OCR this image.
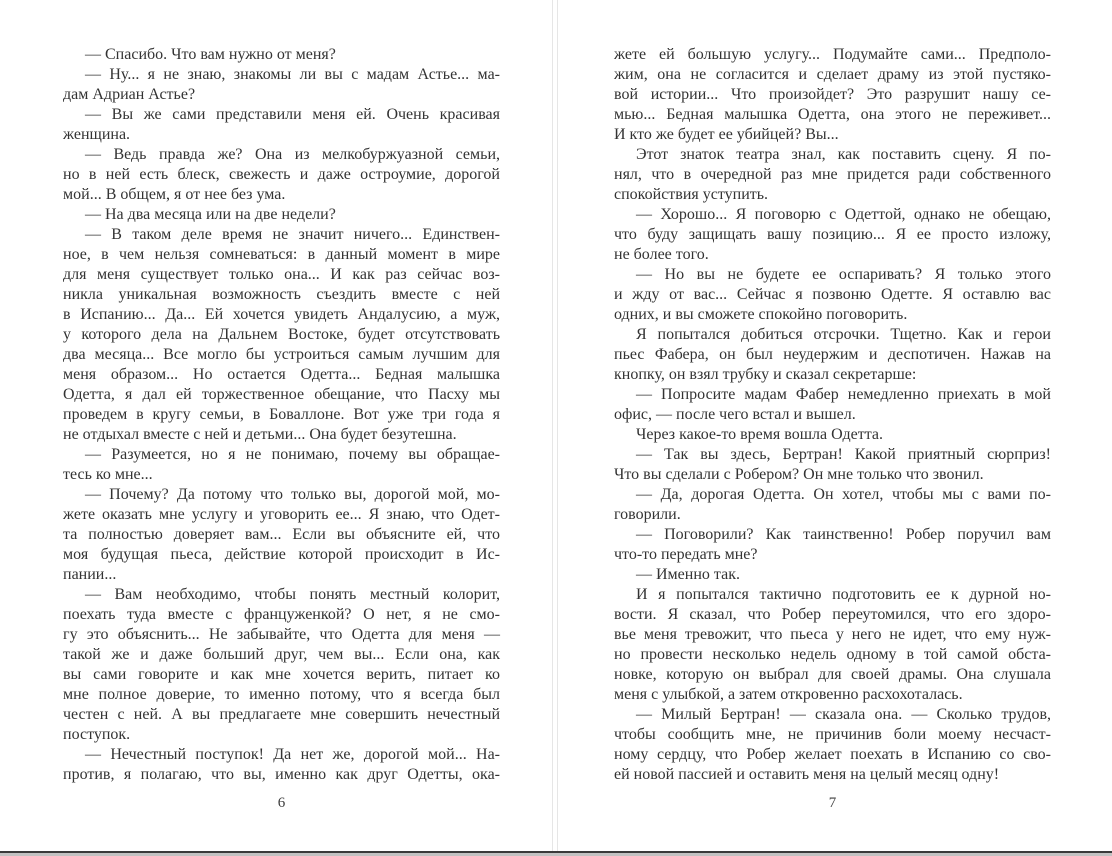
— Спасибо. Что вам нужно от меня?
— Ну... я не знаю, знакомы ли вы с мадам Астье... ма-
дам Адриан Астье?
— Вы же сами представили меня ей. Очень красивая
женщина.
— Ведь правда же? Она из мелкобуржуазной семьи,
но в ней есть блеск, свежесть и даже остроумие, дорогой
мой... В общем, я от нее без ума.
— На два месяца или на две недели?
— В таком деле время не значит ничего... Единствен-
ное, в чем нельзя сомневаться: в данный момент в мире
для меня существует только она... И как раз сейчас воз-
никла уникальная возможность съездить вместе с ней
в Испанию... Да... Ей хочется увидеть Андалусию, а муж,
у которого дела на Дальнем Востоке, будет отсутствовать
два месяца... Все могло бы устроиться самым лучшим для
меня образом... Но остается Одетта... Бедная малышка
Одетта, я дал ей торжественное обещание, что Пасху мы
проведем в кругу семьи, в Боваллоне. Вот уже три года я
не отдыхал вместе с ней и детьми... Она будет безутешна.
— Разумеется, но я не понимаю, почему вы обращае-
тесь ко мне...
— Почему? Да потому что только вы, дорогой мой, мо-
жете оказать мне услугу и уговорить ее... Я знаю, что Одет-
та полностью доверяет вам... Если вы объясните ей, что
моя будущая пьеса, действие которой происходит в Ис-
пании...
— Вам необходимо, чтобы понять местный колорит,
поехать туда вместе с француженкой? О нет, я не смо-
гу это объяснить... Не забывайте, что Одетта для меня —
такой же и даже больший друг, чем вы... Если она, как
вы сами говорите и как мне хочется верить, питает ко
мне полное доверие, то именно потому, что я всегда был
честен с ней. А вы предлагаете мне совершить нечестный
поступок.
— Нечестный поступок! Да нет же, дорогой мой... На-
против, я полагаю, что вы, именно как друг Одетты, ока-
6
жете ей большую услугу... Подумайте сами... Предполо-
жим, она не согласится и сделает драму из этой пустяко-
вой истории... Что произойдет? Это разрушит нашу се-
мью... Бедная малышка Одетта, она этого не переживет...
И кто же будет ее убийцей? Вы...
Этот знаток театра знал, как поставить сцену. Я по-
нял, что в очередной раз мне придется ради собственного
спокойствия уступить.
— Хорошо... Я поговорю с Одеттой, однако не обещаю,
что буду защищать вашу позицию... Я ее просто изложу,
не более того.
— Но вы не будете ее оспаривать? Я только этого
и жду от вас... Сейчас я позвоню Одетте. Я оставлю вас
одних, и вы сможете спокойно поговорить.
Я попытался добиться отсрочки. Тщетно. Как и герои
пьес Фабера, он был неудержим и деспотичен. Нажав на
кнопку, он взял трубку и сказал секретарше:
— Попросите мадам Фабер немедленно приехать в мой
офис, — после чего встал и вышел.
Через какое-то время вошла Одетта.
— Так вы здесь, Бертран! Какой приятный сюрприз!
Что вы сделали с Робером? Он мне только что звонил.
— Да, дорогая Одетта. Он хотел, чтобы мы с вами по-
говорили.
— Поговорили? Как таинственно! Робер поручил вам
что-то передать мне?
— Именно так.
И я попытался тактично подготовить ее к дурной но-
вости. Я сказал, что Робер переутомился, что его здоро-
вье меня тревожит, что пьеса у него не идет, что ему нуж-
но провести несколько недель одному в той самой обста-
новке, которую он выбрал для своей драмы. Она слушала
меня с улыбкой, а затем откровенно расхохоталась.
— Милый Бертран! — сказала она. — Сколько трудов,
чтобы сообщить мне, не причинив боли моему несчаст-
ному сердцу, что Робер желает поехать в Испанию со сво-
ей новой пассией и оставить меня на целый месяц одну!
7
